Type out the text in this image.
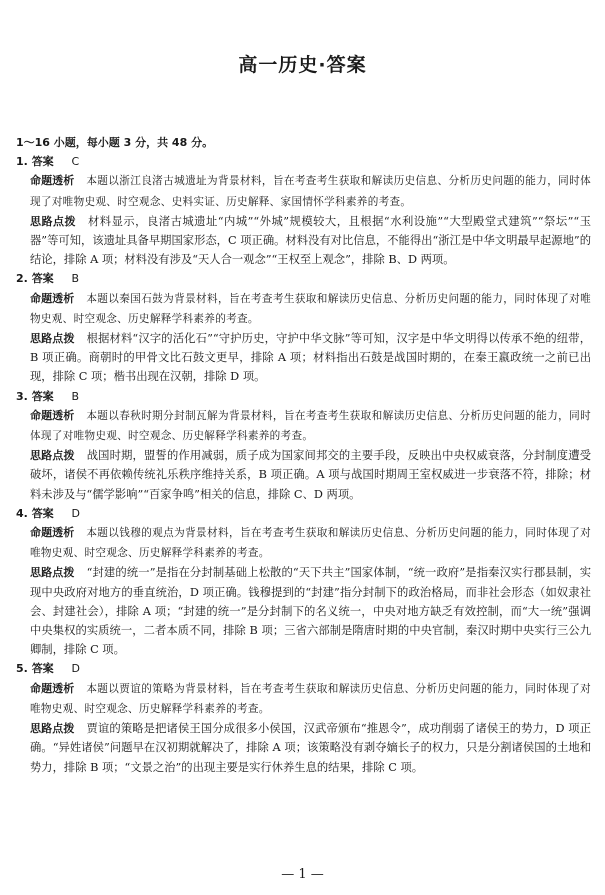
高一历史·答案
1～16 小题，每小题 3 分，共 48 分。
1. 答案 C
命题透析 本题以浙江良渚古城遗址为背景材料，旨在考查考生获取和解读历史信息、分析历史问题的能力，同时体现了对唯物史观、时空观念、史料实证、历史解释、家国情怀学科素养的考查。
思路点拨 材料显示，良渚古城遗址“内城”“外城”规模较大，且根据“水利设施”“大型殿堂式建筑”“祭坛”“玉器”等可知，该遗址具备早期国家形态，C 项正确。材料没有对比信息，不能得出“浙江是中华文明最早起源地”的结论，排除 A 项；材料没有涉及“天人合一观念”“王权至上观念”，排除 B、D 两项。
2. 答案 B
命题透析 本题以秦国石鼓为背景材料，旨在考查考生获取和解读历史信息、分析历史问题的能力，同时体现了对唯物史观、时空观念、历史解释学科素养的考查。
思路点拨 根据材料“汉字的活化石”“守护历史，守护中华文脉”等可知，汉字是中华文明得以传承不绝的纽带，B 项正确。商朝时的甲骨文比石鼓文更早，排除 A 项；材料指出石鼓是战国时期的，在秦王嬴政统一之前已出现，排除 C 项；楷书出现在汉朝，排除 D 项。
3. 答案 B
命题透析 本题以春秋时期分封制瓦解为背景材料，旨在考查考生获取和解读历史信息、分析历史问题的能力，同时体现了对唯物史观、时空观念、历史解释学科素养的考查。
思路点拨 战国时期，盟誓的作用减弱，质子成为国家间邦交的主要手段，反映出中央权威衰落，分封制度遭受破坏，诸侯不再依赖传统礼乐秩序维持关系，B 项正确。A 项与战国时期周王室权威进一步衰落不符，排除；材料未涉及与“儒学影响”“百家争鸣”相关的信息，排除 C、D 两项。
4. 答案 D
命题透析 本题以钱穆的观点为背景材料，旨在考查考生获取和解读历史信息、分析历史问题的能力，同时体现了对唯物史观、时空观念、历史解释学科素养的考查。
思路点拨 “封建的统一”是指在分封制基础上松散的“天下共主”国家体制，“统一政府”是指秦汉实行郡县制，实现中央政府对地方的垂直统治，D 项正确。钱穆提到的“封建”指分封制下的政治格局，而非社会形态（如奴隶社会、封建社会），排除 A 项；“封建的统一”是分封制下的名义统一，中央对地方缺乏有效控制，而“大一统”强调中央集权的实质统一，二者本质不同，排除 B 项；三省六部制是隋唐时期的中央官制，秦汉时期中央实行三公九卿制，排除 C 项。
5. 答案 D
命题透析 本题以贾谊的策略为背景材料，旨在考查考生获取和解读历史信息、分析历史问题的能力，同时体现了对唯物史观、时空观念、历史解释学科素养的考查。
思路点拨 贾谊的策略是把诸侯王国分成很多小侯国，汉武帝颁布“推恩令”，成功削弱了诸侯王的势力，D 项正确。“异姓诸侯”问题早在汉初期就解决了，排除 A 项；该策略没有剥夺嫡长子的权力，只是分割诸侯国的土地和势力，排除 B 项；“文景之治”的出现主要是实行休养生息的结果，排除 C 项。
— 1 —
